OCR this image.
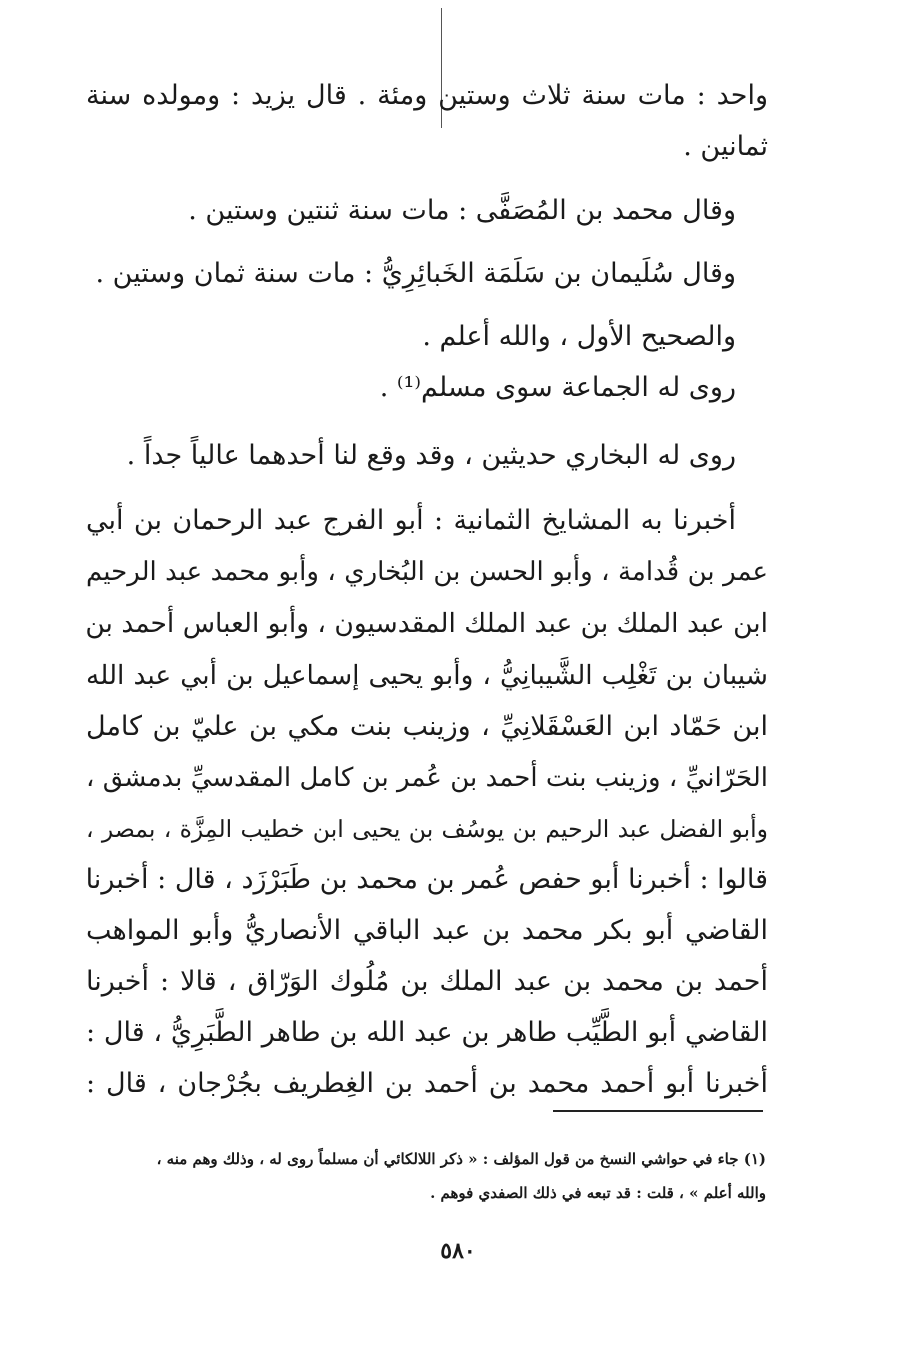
واحد : مات سنة ثلاث وستين ومئة . قال يزيد : ومولده سنة
ثمانين .
وقال محمد بن المُصَفَّى : مات سنة ثنتين وستين .
وقال سُلَيمان بن سَلَمَة الخَبائِرِيُّ : مات سنة ثمان وستين .
والصحيح الأول ، والله أعلم .
روى له الجماعة سوى مسلم⁽¹⁾ .
روى له البخاري حديثين ، وقد وقع لنا أحدهما عالياً جداً .
أخبرنا به المشايخ الثمانية : أبو الفرج عبد الرحمان بن أبي
عمر بن قُدامة ، وأبو الحسن بن البُخاري ، وأبو محمد عبد الرحيم
ابن عبد الملك بن عبد الملك المقدسيون ، وأبو العباس أحمد بن
شيبان بن تَغْلِب الشَّيبانِيُّ ، وأبو يحيى إسماعيل بن أبي عبد الله
ابن حَمّاد ابن العَسْقَلانِيِّ ، وزينب بنت مكي بن عليّ بن كامل
الحَرّانيِّ ، وزينب بنت أحمد بن عُمر بن كامل المقدسيِّ بدمشق ،
وأبو الفضل عبد الرحيم بن يوسُف بن يحيى ابن خطيب المِزَّة ، بمصر ،
قالوا : أخبرنا أبو حفص عُمر بن محمد بن طَبَرْزَد ، قال : أخبرنا
القاضي أبو بكر محمد بن عبد الباقي الأنصاريُّ وأبو المواهب
أحمد بن محمد بن عبد الملك بن مُلُوك الوَرّاق ، قالا : أخبرنا
القاضي أبو الطَّيِّب طاهر بن عبد الله بن طاهر الطَّبَرِيُّ ، قال :
أخبرنا أبو أحمد محمد بن أحمد بن الغِطريف بجُرْجان ، قال :
(١) جاء في حواشي النسخ من قول المؤلف : « ذكر اللالكائي أن مسلماً روى له ، وذلك وهم منه ،
والله أعلم » ، قلت : قد تبعه في ذلك الصفدي فوهم .
٥٨٠
